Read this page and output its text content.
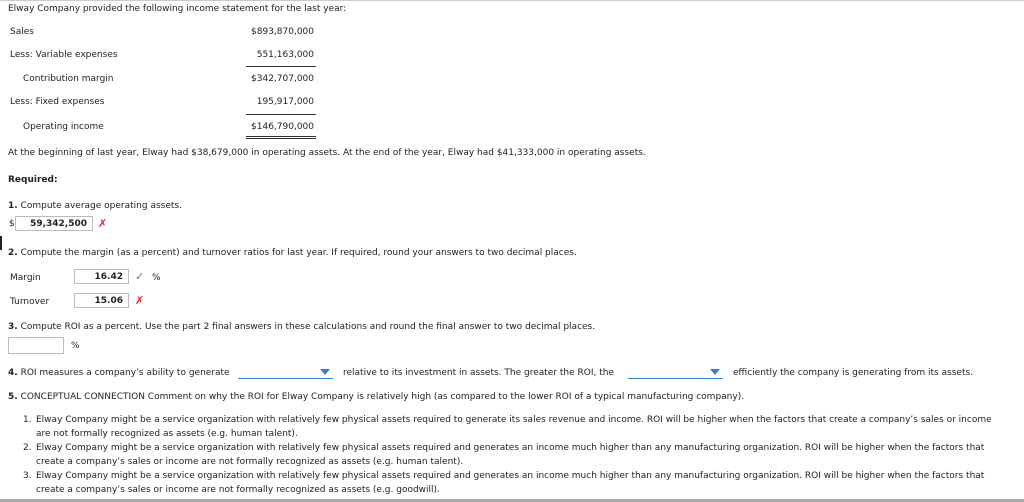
Elway Company provided the following income statement for the last year:
Sales	$893,870,000
Less: Variable expenses	551,163,000
Contribution margin	$342,707,000
Less: Fixed expenses	195,917,000
Operating income	$146,790,000
At the beginning of last year, Elway had $38,679,000 in operating assets. At the end of the year, Elway had $41,333,000 in operating assets.
Required:
1. Compute average operating assets.
$	59,342,500	✗
2. Compute the margin (as a percent) and turnover ratios for last year. If required, round your answers to two decimal places.
Margin	16.42	✓ %
Turnover	15.06	✗
3. Compute ROI as a percent. Use the part 2 final answers in these calculations and round the final answer to two decimal places.
%
4. ROI measures a company’s ability to generate	relative to its investment in assets. The greater the ROI, the	efficiently the company is generating from its assets.
5. CONCEPTUAL CONNECTION Comment on why the ROI for Elway Company is relatively high (as compared to the lower ROI of a typical manufacturing company).
1. Elway Company might be a service organization with relatively few physical assets required to generate its sales revenue and income. ROI will be higher when the factors that create a company’s sales or income
are not formally recognized as assets (e.g. human talent).
2. Elway Company might be a service organization with relatively few physical assets required and generates an income much higher than any manufacturing organization. ROI will be higher when the factors that
create a company’s sales or income are not formally recognized as assets (e.g. human talent).
3. Elway Company might be a service organization with relatively few physical assets required and generates an income much higher than any manufacturing organization. ROI will be higher when the factors that
create a company’s sales or income are not formally recognized as assets (e.g. goodwill).
